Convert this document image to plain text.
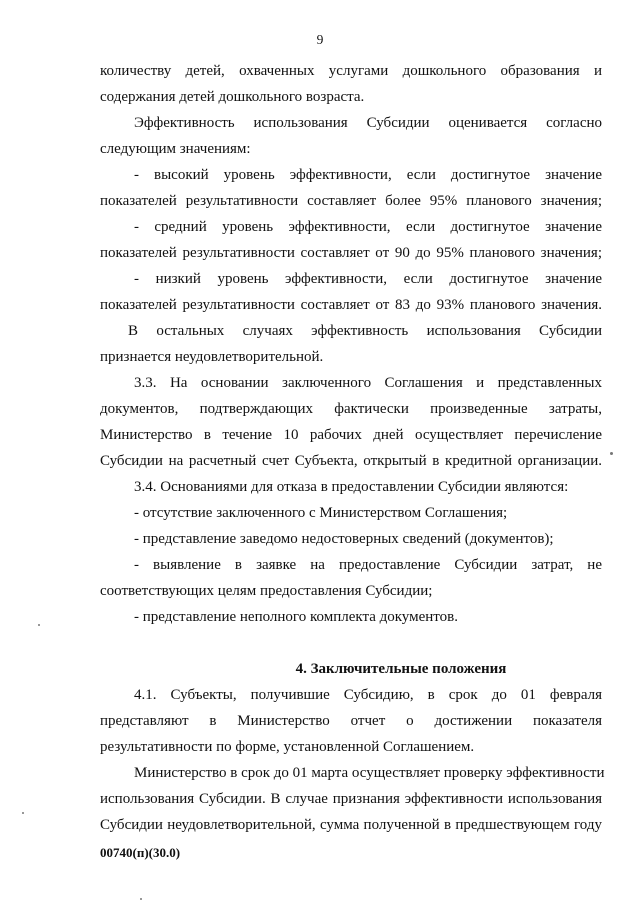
9
количеству детей, охваченных услугами дошкольного образования и
содержания детей дошкольного возраста.
Эффективность использования Субсидии оценивается согласно
следующим значениям:
- высокий уровень эффективности, если достигнутое значение
показателей результативности составляет более 95% планового значения;
- средний уровень эффективности, если достигнутое значение
показателей результативности составляет от 90 до 95% планового значения;
- низкий уровень эффективности, если достигнутое значение
показателей результативности составляет от 83 до 93% планового значения.
В остальных случаях эффективность использования Субсидии
признается неудовлетворительной.
3.3. На основании заключенного Соглашения и представленных
документов, подтверждающих фактически произведенные затраты,
Министерство в течение 10 рабочих дней осуществляет перечисление
Субсидии на расчетный счет Субъекта, открытый в кредитной организации.
3.4. Основаниями для отказа в предоставлении Субсидии являются:
- отсутствие заключенного с Министерством Соглашения;
- представление заведомо недостоверных сведений (документов);
- выявление в заявке на предоставление Субсидии затрат, не
соответствующих целям предоставления Субсидии;
- представление неполного комплекта документов.
4. Заключительные положения
4.1. Субъекты, получившие Субсидию, в срок до 01 февраля
представляют в Министерство отчет о достижении показателя
результативности по форме, установленной Соглашением.
Министерство в срок до 01 марта осуществляет проверку эффективности
использования Субсидии. В случае признания эффективности использования
Субсидии неудовлетворительной, сумма полученной в предшествующем году
00740(п)(30.0)
